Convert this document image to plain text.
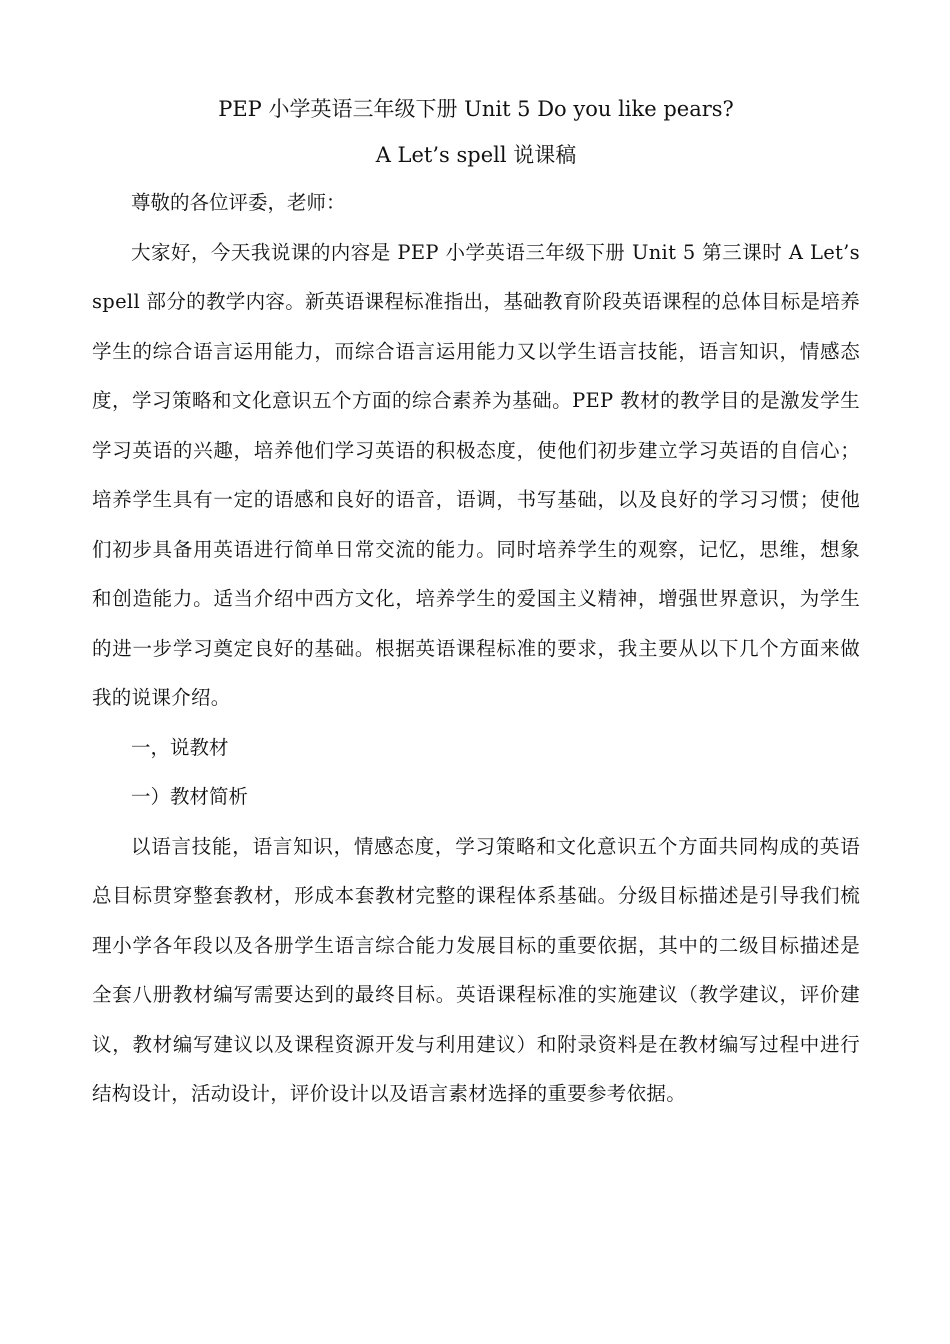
PEP 小学英语三年级下册 Unit 5 Do you like pears?
A Let’s spell 说课稿

尊敬的各位评委，老师：

大家好，今天我说课的内容是 PEP 小学英语三年级下册 Unit 5 第三课时 A Let’s spell 部分的教学内容。新英语课程标准指出，基础教育阶段英语课程的总体目标是培养学生的综合语言运用能力，而综合语言运用能力又以学生语言技能，语言知识，情感态度，学习策略和文化意识五个方面的综合素养为基础。PEP 教材的教学目的是激发学生学习英语的兴趣，培养他们学习英语的积极态度，使他们初步建立学习英语的自信心；培养学生具有一定的语感和良好的语音，语调，书写基础，以及良好的学习习惯；使他们初步具备用英语进行简单日常交流的能力。同时培养学生的观察，记忆，思维，想象和创造能力。适当介绍中西方文化，培养学生的爱国主义精神，增强世界意识，为学生的进一步学习奠定良好的基础。根据英语课程标准的要求，我主要从以下几个方面来做我的说课介绍。

一，说教材

一）教材简析

以语言技能，语言知识，情感态度，学习策略和文化意识五个方面共同构成的英语总目标贯穿整套教材，形成本套教材完整的课程体系基础。分级目标描述是引导我们梳理小学各年段以及各册学生语言综合能力发展目标的重要依据，其中的二级目标描述是全套八册教材编写需要达到的最终目标。英语课程标准的实施建议（教学建议，评价建议，教材编写建议以及课程资源开发与利用建议）和附录资料是在教材编写过程中进行结构设计，活动设计，评价设计以及语言素材选择的重要参考依据。
